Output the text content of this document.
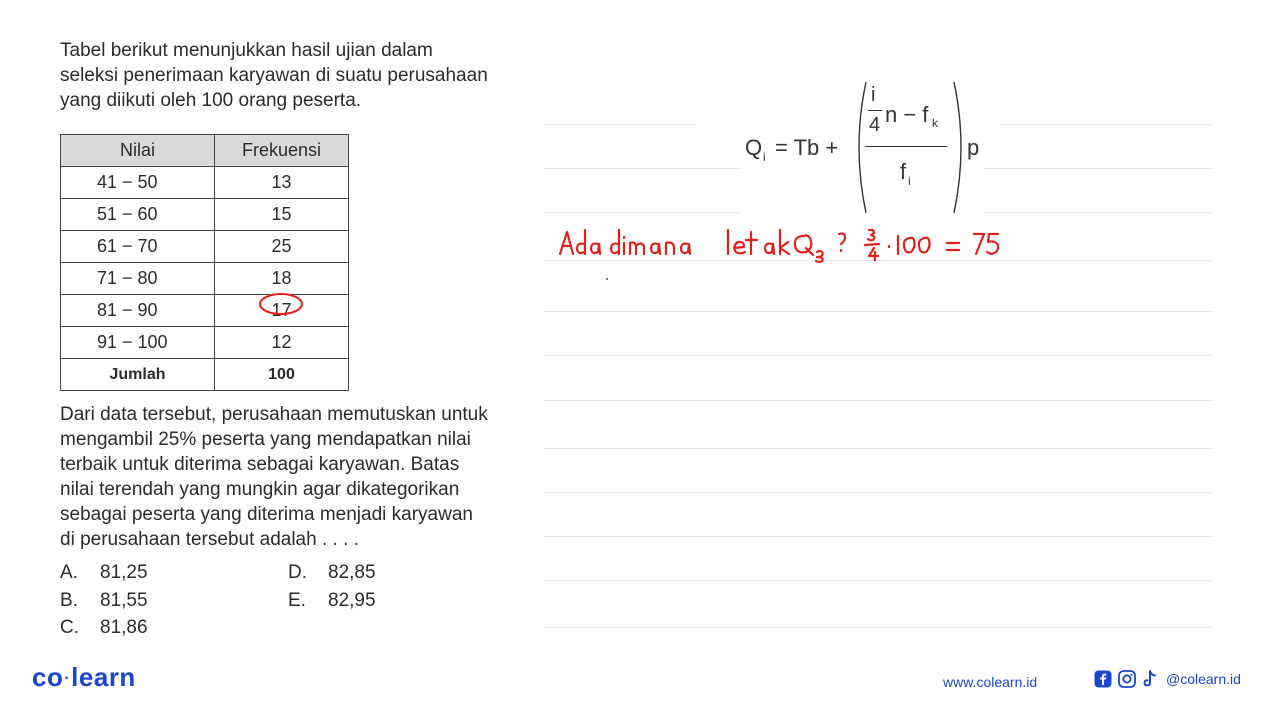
Tabel berikut menunjukkan hasil ujian dalam
seleksi penerimaan karyawan di suatu perusahaan
yang diikuti oleh 100 orang peserta.
Nilai	Frekuensi
41 − 50	13
51 − 60	15
61 − 70	25
71 − 80	18
81 − 90	17
91 − 100	12
Jumlah	100
Dari data tersebut, perusahaan memutuskan untuk
mengambil 25% peserta yang mendapatkan nilai
terbaik untuk diterima sebagai karyawan. Batas
nilai terendah yang mungkin agar dikategorikan
sebagai peserta yang diterima menjadi karyawan
di perusahaan tersebut adalah . . . .
A. 81,25
B. 81,55
C. 81,86
D. 82,85
E. 82,95
Q i = Tb +
i
4 n − f k
f i
p
co·learn	www.colearn.id	@colearn.id
